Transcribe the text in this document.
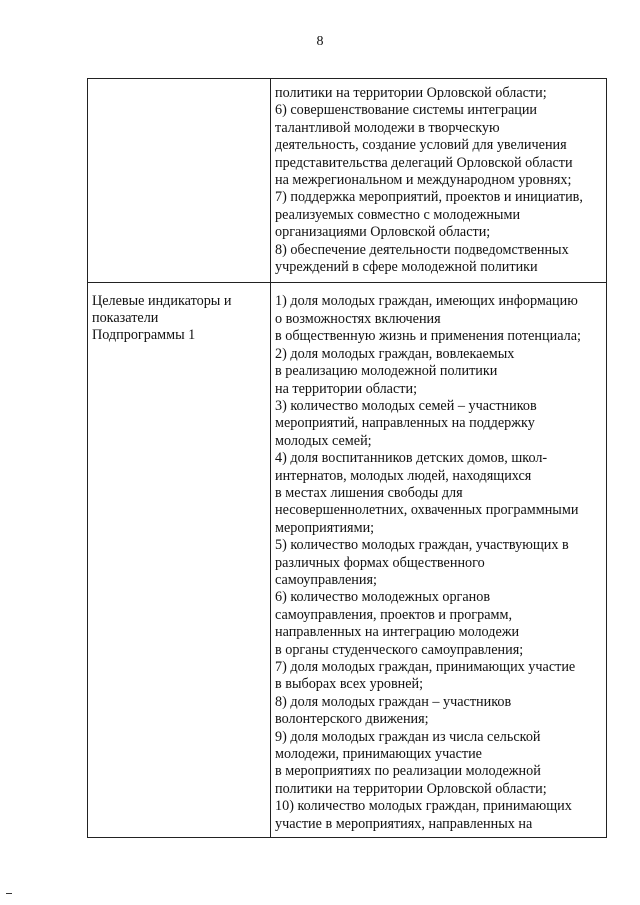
8
политики на территории Орловской области;
6) совершенствование системы интеграции
талантливой молодежи в творческую
деятельность, создание условий для увеличения
представительства делегаций Орловской области
на межрегиональном и международном уровнях;
7) поддержка мероприятий, проектов и инициатив,
реализуемых совместно с молодежными
организациями Орловской области;
8) обеспечение деятельности подведомственных
учреждений в сфере молодежной политики
Целевые индикаторы и
показатели
Подпрограммы 1
1) доля молодых граждан, имеющих информацию
о возможностях включения
в общественную жизнь и применения потенциала;
2) доля молодых граждан, вовлекаемых
в реализацию молодежной политики
на территории области;
3) количество молодых семей – участников
мероприятий, направленных на поддержку
молодых семей;
4) доля воспитанников детских домов, школ-
интернатов, молодых людей, находящихся
в местах лишения свободы для
несовершеннолетних, охваченных программными
мероприятиями;
5) количество молодых граждан, участвующих в
различных формах общественного
самоуправления;
6) количество молодежных органов
самоуправления, проектов и программ,
направленных на интеграцию молодежи
в органы студенческого самоуправления;
7) доля молодых граждан, принимающих участие
в выборах всех уровней;
8) доля молодых граждан – участников
волонтерского движения;
9) доля молодых граждан из числа сельской
молодежи, принимающих участие
в мероприятиях по реализации молодежной
политики на территории Орловской области;
10) количество молодых граждан, принимающих
участие в мероприятиях, направленных на
